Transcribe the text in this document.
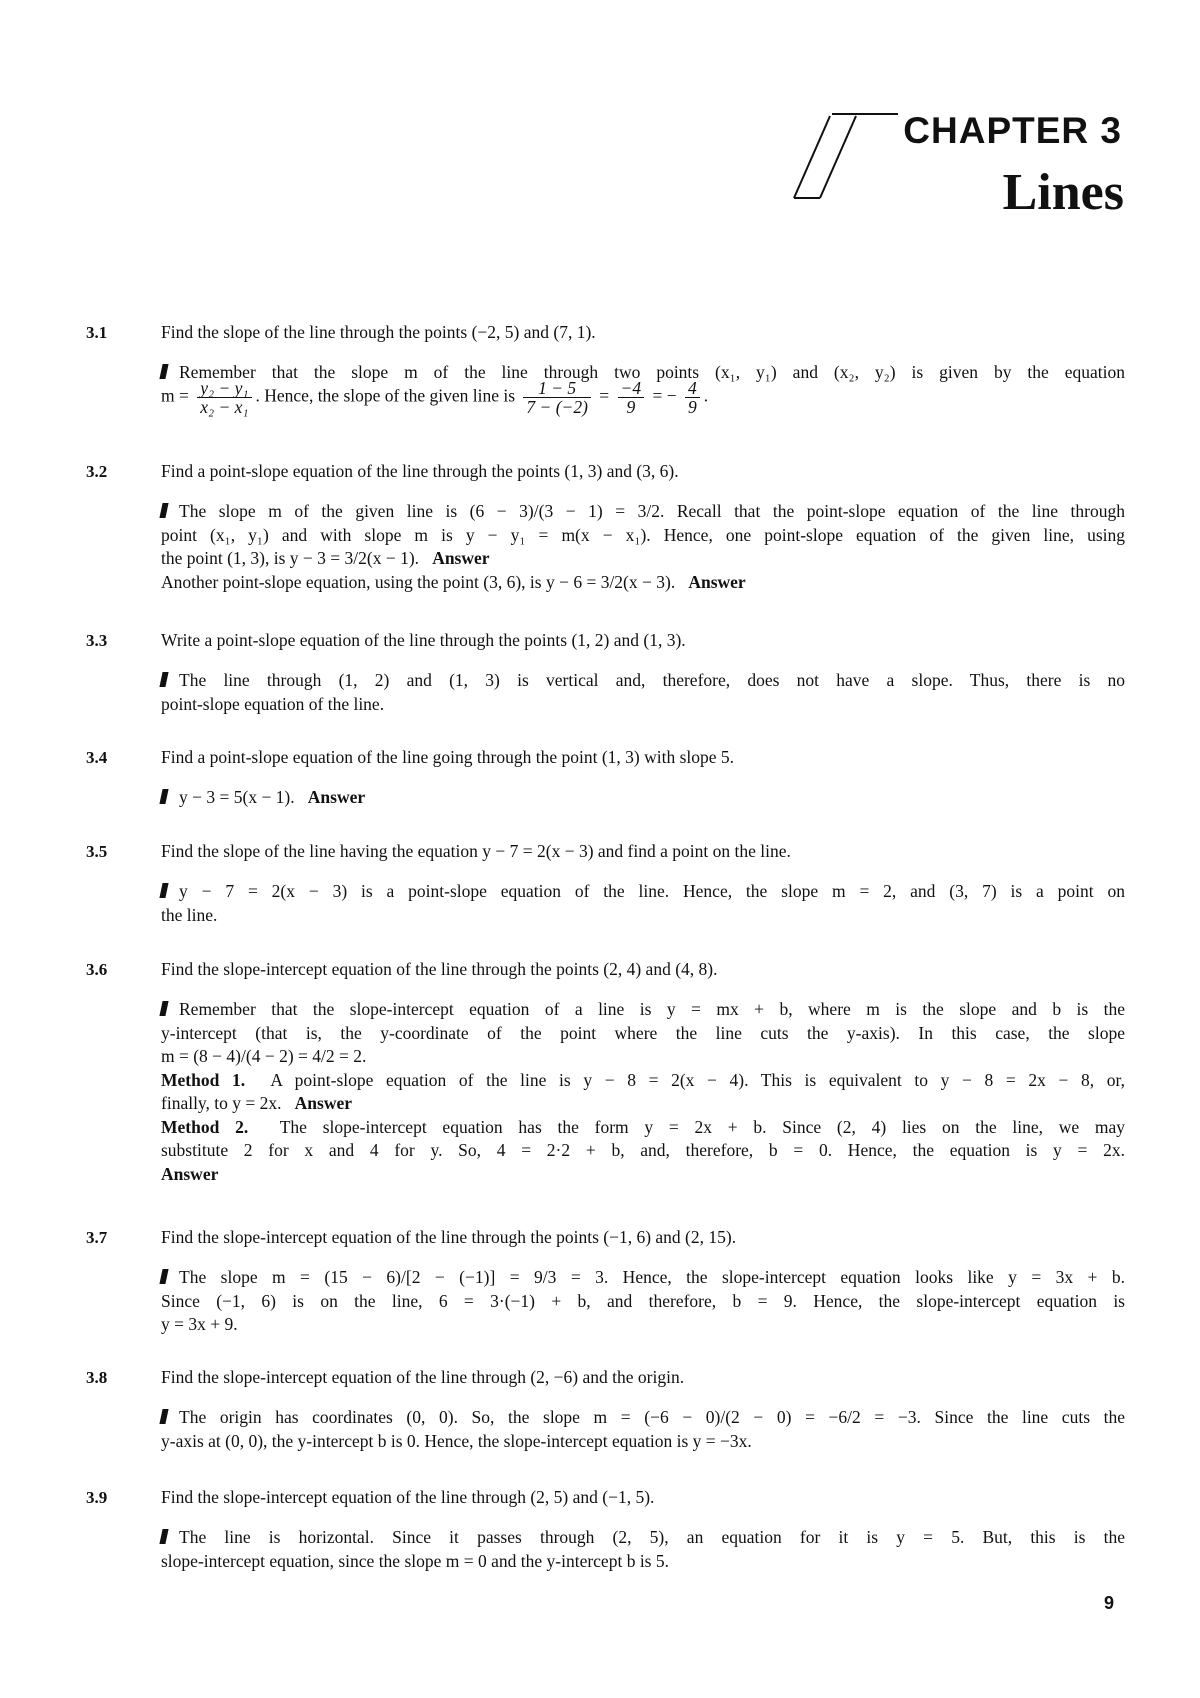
CHAPTER 3
Lines
3.1	Find the slope of the line through the points (−2, 5) and (7, 1).
Remember that the slope m of the line through two points (x₁, y₁) and (x₂, y₂) is given by the equation
$m = \frac{\text{y₂ − y₁}}{\text{x₂ − x₁}}$ . Hence, the slope of the given line is $\frac{1 - 5}{7 - (-2)} = \frac{-4}{9}$ = − $\frac{4}{9}$ .
3.2	Find a point-slope equation of the line through the points (1, 3) and (3, 6).
The slope m of the given line is (6 − 3)/(3 − 1) = 3/2. Recall that the point-slope equation of the line through
point (x₁, y₁) and with slope m is y − y₁ = m(x − x₁). Hence, one point-slope equation of the given line, using
the point (1, 3), is y − 3 = 3/2(x − 1). Answer
Another point-slope equation, using the point (3, 6), is y − 6 = 3/2(x − 3). Answer
3.3	Write a point-slope equation of the line through the points (1, 2) and (1, 3).
The line through (1, 2) and (1, 3) is vertical and, therefore, does not have a slope. Thus, there is no
point-slope equation of the line.
3.4	Find a point-slope equation of the line going through the point (1, 3) with slope 5.
y − 3 = 5(x − 1). Answer
3.5	Find the slope of the line having the equation y − 7 = 2(x − 3) and find a point on the line.
y − 7 = 2(x − 3) is a point-slope equation of the line. Hence, the slope m = 2, and (3, 7) is a point on
the line.
3.6	Find the slope-intercept equation of the line through the points (2, 4) and (4, 8).
Remember that the slope-intercept equation of a line is y = mx + b, where m is the slope and b is the
y-intercept (that is, the y-coordinate of the point where the line cuts the y-axis). In this case, the slope
m = (8 − 4)/(4 − 2) = 4/2 = 2.
Method 1. A point-slope equation of the line is y − 8 = 2(x − 4). This is equivalent to y − 8 = 2x − 8, or,
finally, to y = 2x. Answer
Method 2. The slope-intercept equation has the form y = 2x + b. Since (2, 4) lies on the line, we may
substitute 2 for x and 4 for y. So, 4 = 2·2 + b, and, therefore, b = 0. Hence, the equation is y = 2x.
Answer
3.7	Find the slope-intercept equation of the line through the points (−1, 6) and (2, 15).
The slope m = (15 − 6)/[2 − (−1)] = 9/3 = 3. Hence, the slope-intercept equation looks like y = 3x + b.
Since (−1, 6) is on the line, 6 = 3·(−1) + b, and therefore, b = 9. Hence, the slope-intercept equation is
y = 3x + 9.
3.8	Find the slope-intercept equation of the line through (2, −6) and the origin.
The origin has coordinates (0, 0). So, the slope m = (−6 − 0)/(2 − 0) = −6/2 = −3. Since the line cuts the
y-axis at (0, 0), the y-intercept b is 0. Hence, the slope-intercept equation is y = −3x.
3.9	Find the slope-intercept equation of the line through (2, 5) and (−1, 5).
The line is horizontal. Since it passes through (2, 5), an equation for it is y = 5. But, this is the
slope-intercept equation, since the slope m = 0 and the y-intercept b is 5.
9
